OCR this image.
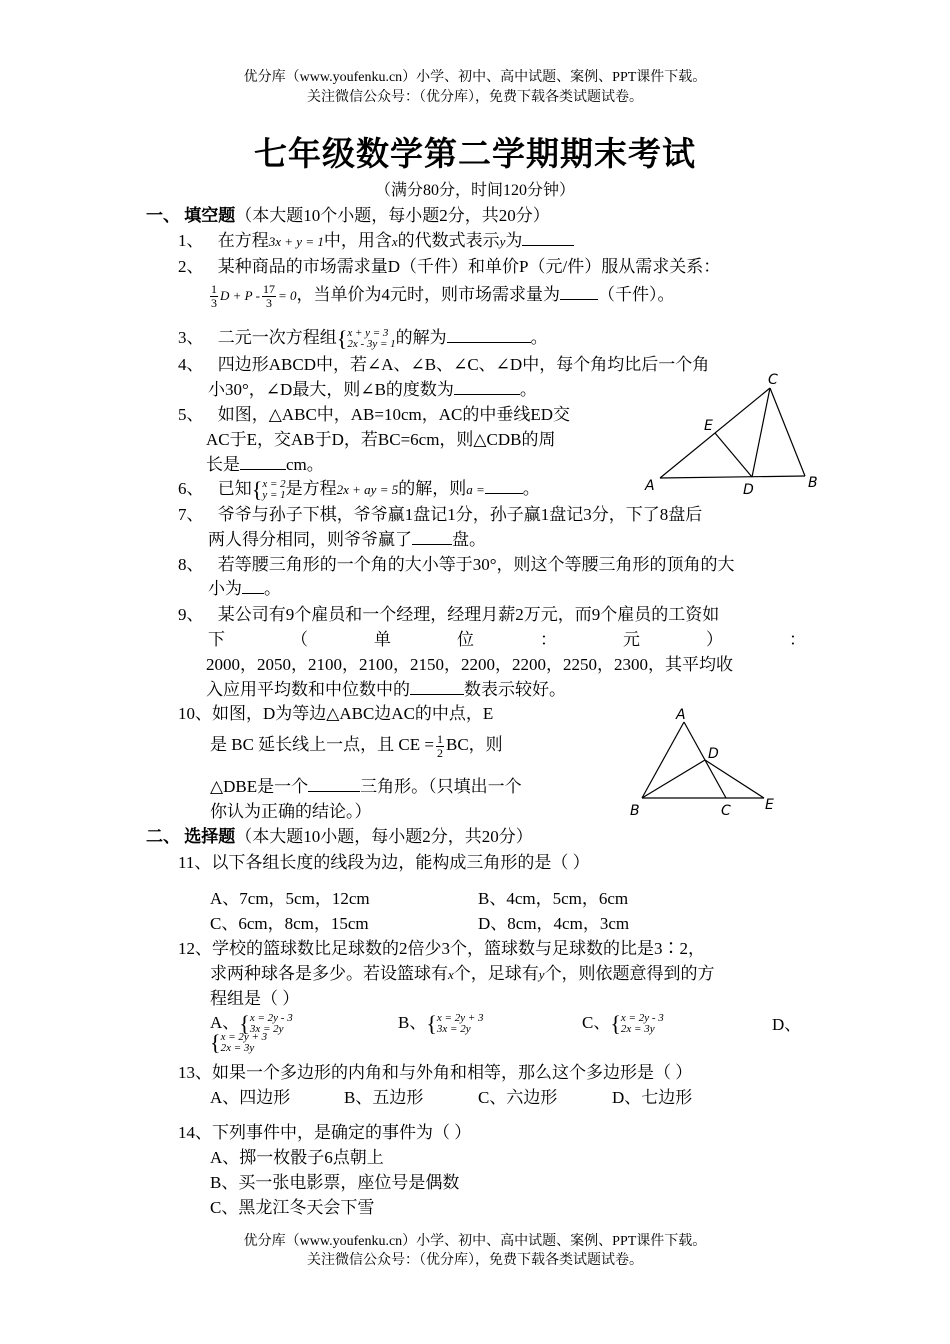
优分库（www.youfenku.cn）小学、初中、高中试题、案例、PPT课件下载。
关注微信公众号：（优分库），免费下载各类试题试卷。
七年级数学第二学期期末考试
（满分80分，时间120分钟）
一、 填空题（本大题10个小题，每小题2分，共20分）
1、 在方程3x + y = 1中，用含x的代数式表示y为
2、 某种商品的市场需求量D（千件）和单价P（元/件）服从需求关系：
$\frac{1}{3}$ $D + P - \frac{17}{3} = 0$，当单价为4元时，则市场需求量为 （千件）。
3、 二元一次方程组{ x + y = 3
2x - 3y = 1 的解为	。
4、 四边形ABCD中，若∠A、∠B、∠C、∠D中，每个角均比后一个角
小30°，∠D最大，则∠B的度数为	。
5、 如图，△ABC中，AB=10cm，AC的中垂线ED交
AC于E，交AB于D，若BC=6cm，则△CDB的周
长是	cm。
A	B
C
D
E
6、 已知{ x = 2
y = 1 是方程2x + ay = 5的解，则a = 。
7、 爷爷与孙子下棋，爷爷赢1盘记1分，孙子赢1盘记3分，下了8盘后
两人得分相同，则爷爷赢了 盘。
8、 若等腰三角形的一个角的大小等于30°，则这个等腰三角形的顶角的大
小为 。
9、 某公司有9个雇员和一个经理，经理月薪2万元，而9个雇员的工资如
下	（	单	位	：	元	）	：
2000，2050，2100，2100，2150，2200，2200，2250，2300，其平均收
入应用平均数和中位数中的	数表示较好。
10、如图，D为等边△ABC边AC的中点，E
是 BC 延长线上一点，且 CE = $\frac{1}{2}$ BC，则
△DBE是一个	三角形。（只填出一个
你认为正确的结论。）
A
B	C
D
E
二、 选择题（本大题10小题，每小题2分，共20分）
11、以下各组长度的线段为边，能构成三角形的是（ ）
A、7cm，5cm，12cm	B、4cm，5cm，6cm
C、6cm，8cm，15cm	D、8cm，4cm，3cm
12、学校的篮球数比足球数的2倍少3个，篮球数与足球数的比是3∶2，
求两种球各是多少。若设篮球有x个，足球有y个，则依题意得到的方
程组是（ ）
A、{ x = 2y - 3
3x = 2y	B、{ x = 2y + 3
3x = 2y	C、{ x = 2y - 3
2x = 3y	D、
{ x = 2y + 3
2x = 3y
13、如果一个多边形的内角和与外角和相等，那么这个多边形是（ ）
A、四边形	B、五边形	C、六边形	D、七边形
14、下列事件中，是确定的事件为（ ）
A、掷一枚骰子6点朝上
B、买一张电影票，座位号是偶数
C、黑龙江冬天会下雪
优分库（www.youfenku.cn）小学、初中、高中试题、案例、PPT课件下载。
关注微信公众号：（优分库），免费下载各类试题试卷。
